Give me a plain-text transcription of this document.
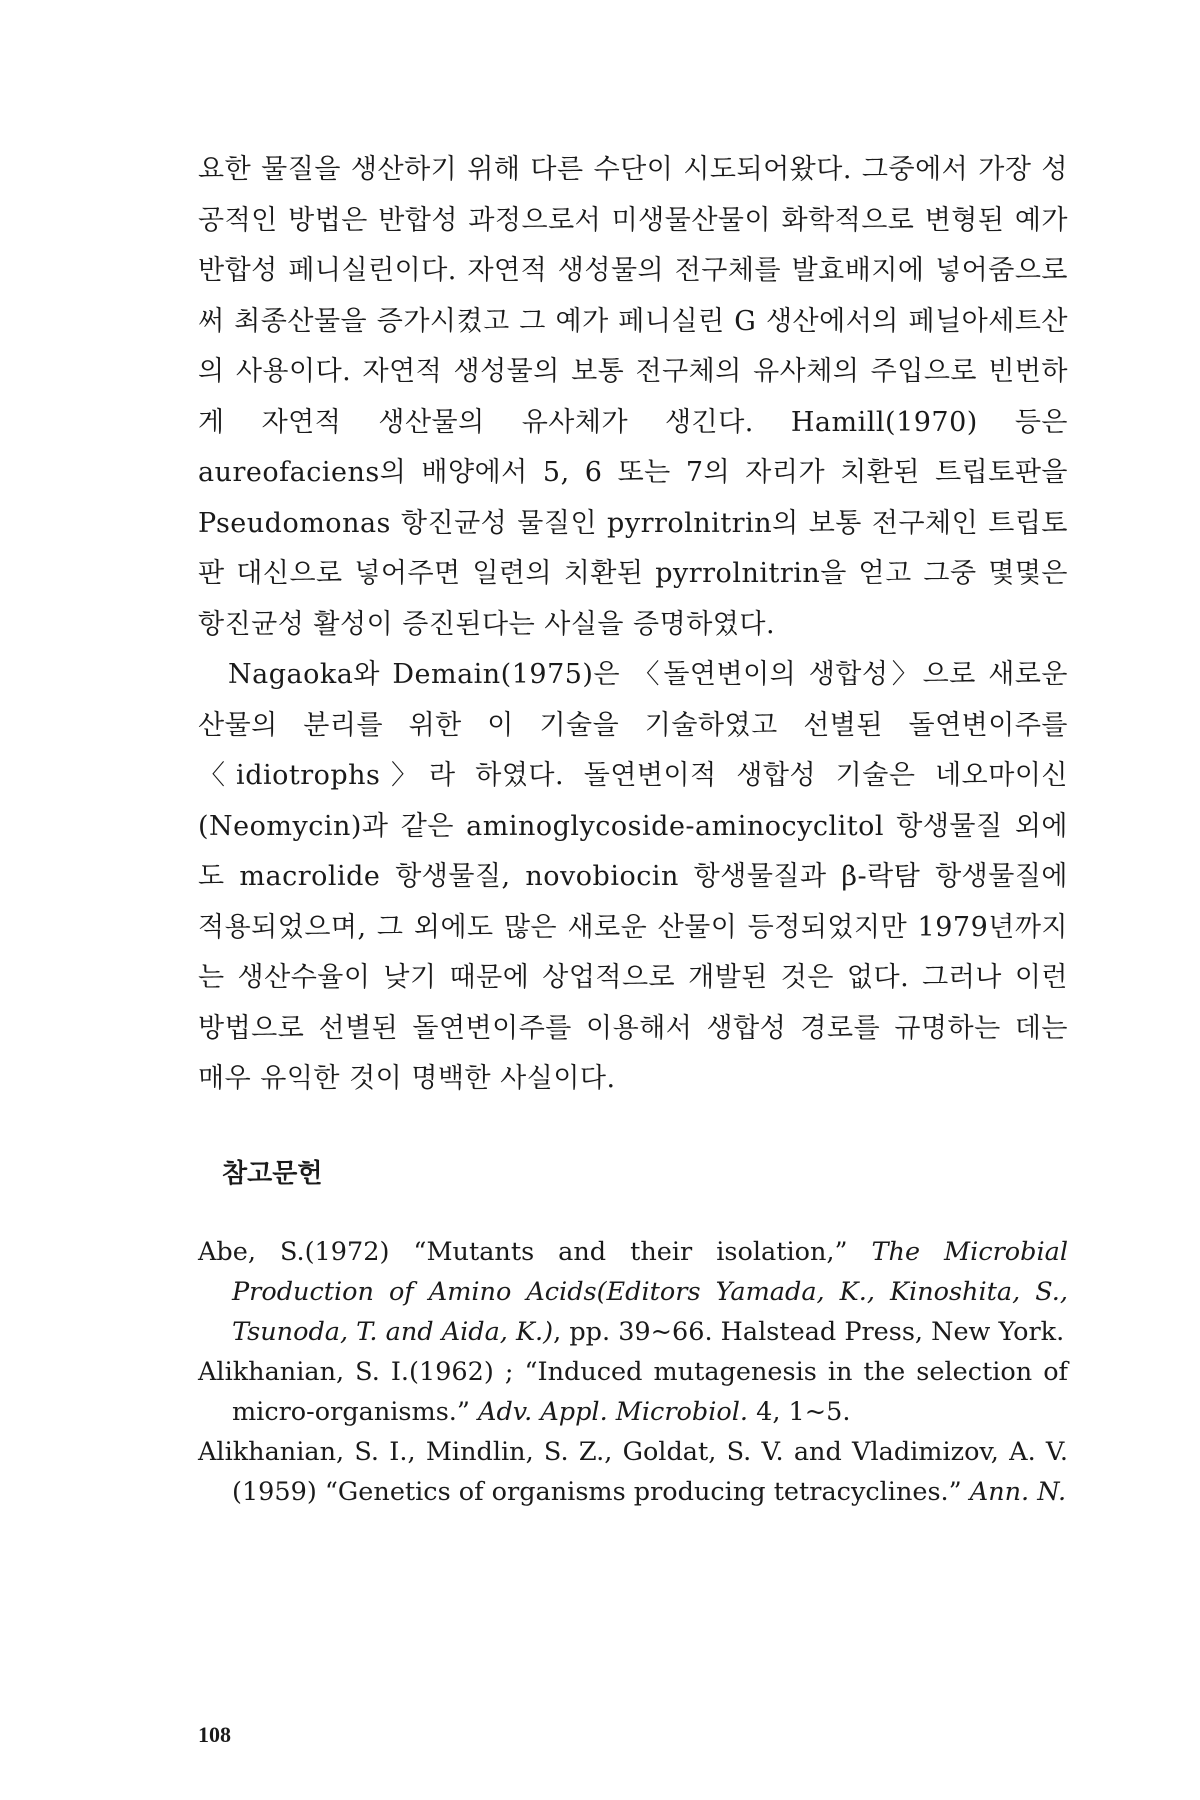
요한 물질을 생산하기 위해 다른 수단이 시도되어왔다. 그중에서 가장 성공적인 방법은 반합성 과정으로서 미생물산물이 화학적으로 변형된 예가 반합성 페니실린이다. 자연적 생성물의 전구체를 발효배지에 넣어줌으로써 최종산물을 증가시켰고 그 예가 페니실린 G 생산에서의 페닐아세트산의 사용이다. 자연적 생성물의 보통 전구체의 유사체의 주입으로 빈번하게 자연적 생산물의 유사체가 생긴다. Hamill(1970) 등은 aureofaciens의 배양에서 5, 6 또는 7의 자리가 치환된 트립토판을 Pseudomonas 항진균성 물질인 pyrrolnitrin의 보통 전구체인 트립토판 대신으로 넣어주면 일련의 치환된 pyrrolnitrin을 얻고 그중 몇몇은 항진균성 활성이 증진된다는 사실을 증명하였다.

Nagaoka와 Demain(1975)은 〈돌연변이의 생합성〉으로 새로운 산물의 분리를 위한 이 기술을 기술하였고 선별된 돌연변이주를 〈idiotrophs〉라 하였다. 돌연변이적 생합성 기술은 네오마이신(Neomycin)과 같은 aminoglycoside-aminocyclitol 항생물질 외에도 macrolide 항생물질, novobiocin 항생물질과 β-락탐 항생물질에 적용되었으며, 그 외에도 많은 새로운 산물이 등정되었지만 1979년까지는 생산수율이 낮기 때문에 상업적으로 개발된 것은 없다. 그러나 이런 방법으로 선별된 돌연변이주를 이용해서 생합성 경로를 규명하는 데는 매우 유익한 것이 명백한 사실이다.

참고문헌

Abe, S.(1972) “Mutants and their isolation,” The Microbial Production of Amino Acids(Editors Yamada, K., Kinoshita, S., Tsunoda, T. and Aida, K.), pp. 39~66. Halstead Press, New York.

Alikhanian, S. I.(1962) ; “Induced mutagenesis in the selection of micro-organisms.” Adv. Appl. Microbiol. 4, 1~5.

Alikhanian, S. I., Mindlin, S. Z., Goldat, S. V. and Vladimizov, A. V. (1959) “Genetics of organisms producing tetracyclines.” Ann. N.

108
